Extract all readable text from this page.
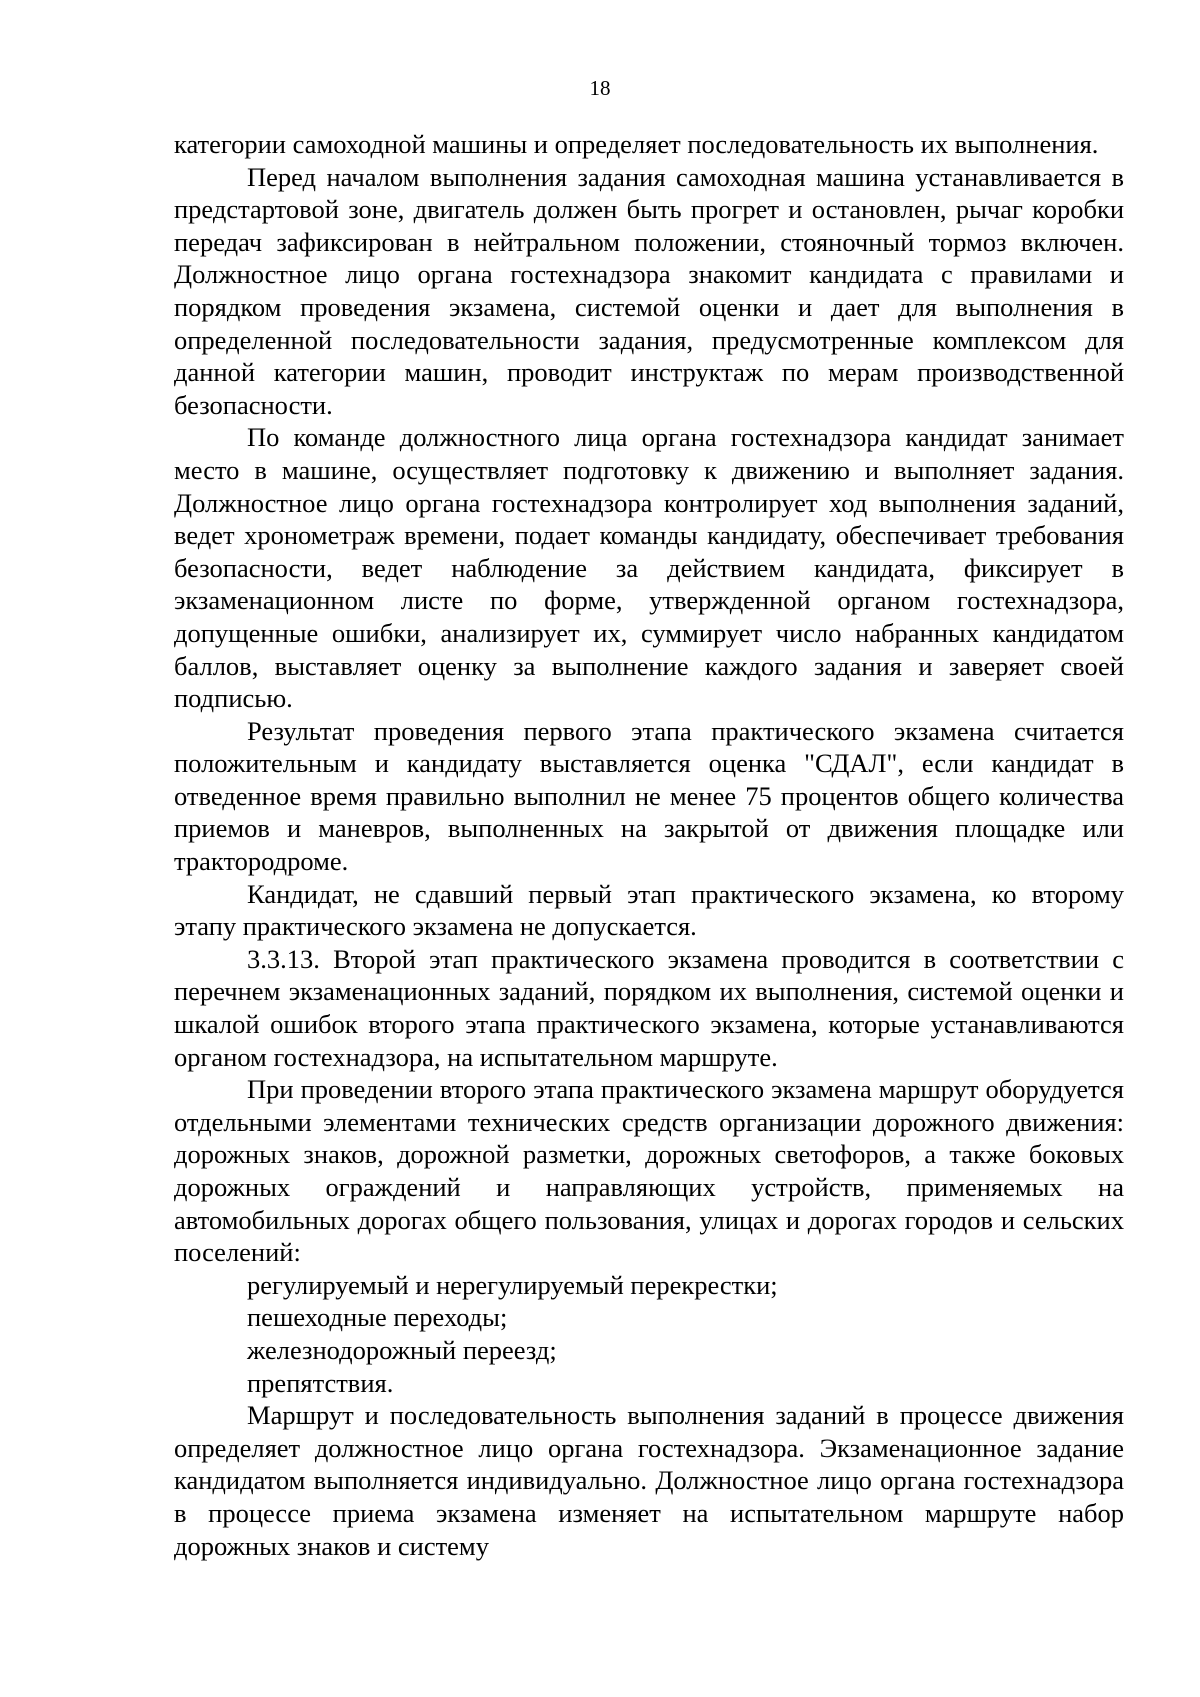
18

категории самоходной машины и определяет последовательность их выполнения.

Перед началом выполнения задания самоходная машина устанавливается в предстартовой зоне, двигатель должен быть прогрет и остановлен, рычаг коробки передач зафиксирован в нейтральном положении, стояночный тормоз включен. Должностное лицо органа гостехнадзора знакомит кандидата с правилами и порядком проведения экзамена, системой оценки и дает для выполнения в определенной последовательности задания, предусмотренные комплексом для данной категории машин, проводит инструктаж по мерам производственной безопасности.

По команде должностного лица органа гостехнадзора кандидат занимает место в машине, осуществляет подготовку к движению и выполняет задания. Должностное лицо органа гостехнадзора контролирует ход выполнения заданий, ведет хронометраж времени, подает команды кандидату, обеспечивает требования безопасности, ведет наблюдение за действием кандидата, фиксирует в экзаменационном листе по форме, утвержденной органом гостехнадзора, допущенные ошибки, анализирует их, суммирует число набранных кандидатом баллов, выставляет оценку за выполнение каждого задания и заверяет своей подписью.

Результат проведения первого этапа практического экзамена считается положительным и кандидату выставляется оценка "СДАЛ", если кандидат в отведенное время правильно выполнил не менее 75 процентов общего количества приемов и маневров, выполненных на закрытой от движения площадке или трактородроме.

Кандидат, не сдавший первый этап практического экзамена, ко второму этапу практического экзамена не допускается.

3.3.13. Второй этап практического экзамена проводится в соответствии с перечнем экзаменационных заданий, порядком их выполнения, системой оценки и шкалой ошибок второго этапа практического экзамена, которые устанавливаются органом гостехнадзора, на испытательном маршруте.

При проведении второго этапа практического экзамена маршрут оборудуется отдельными элементами технических средств организации дорожного движения: дорожных знаков, дорожной разметки, дорожных светофоров, а также боковых дорожных ограждений и направляющих устройств, применяемых на автомобильных дорогах общего пользования, улицах и дорогах городов и сельских поселений:

регулируемый и нерегулируемый перекрестки;

пешеходные переходы;

железнодорожный переезд;

препятствия.

Маршрут и последовательность выполнения заданий в процессе движения определяет должностное лицо органа гостехнадзора. Экзаменационное задание кандидатом выполняется индивидуально. Должностное лицо органа гостехнадзора в процессе приема экзамена изменяет на испытательном маршруте набор дорожных знаков и систему
